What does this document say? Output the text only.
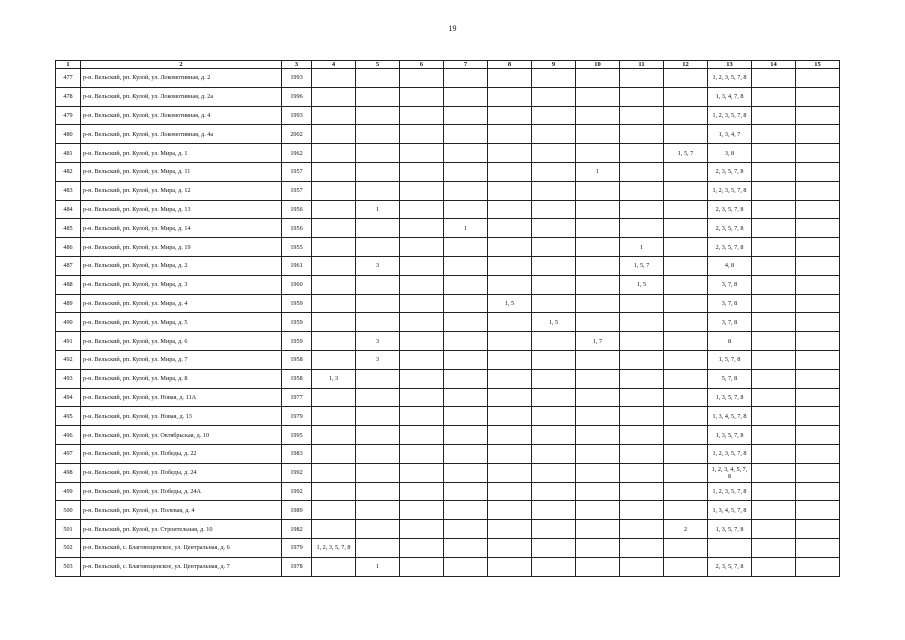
19
1	2	3	4	5	6	7	8	9	10	11	12	13	14	15
477	р-н. Вельский, рп. Кулой, ул. Локомотивная, д. 2	1993										1, 2, 3, 5, 7, 8		
478	р-н. Вельский, рп. Кулой, ул. Локомотивная, д. 2а	1996										1, 3, 4, 7, 8		
479	р-н. Вельский, рп. Кулой, ул. Локомотивная, д. 4	1993										1, 2, 3, 5, 7, 8		
480	р-н. Вельский, рп. Кулой, ул. Локомотивная, д. 4а	2002										1, 3, 4, 7		
481	р-н. Вельский, рп. Кулой, ул. Мира, д. 1	1962									1, 5, 7	3, 8		
482	р-н. Вельский, рп. Кулой, ул. Мира, д. 11	1957							1			2, 3, 5, 7, 8		
483	р-н. Вельский, рп. Кулой, ул. Мира, д. 12	1957										1, 2, 3, 5, 7, 8		
484	р-н. Вельский, рп. Кулой, ул. Мира, д. 13	1956		1								2, 3, 5, 7, 8		
485	р-н. Вельский, рп. Кулой, ул. Мира, д. 14	1956				1						2, 3, 5, 7, 8		
486	р-н. Вельский, рп. Кулой, ул. Мира, д. 19	1955								1		2, 3, 5, 7, 8		
487	р-н. Вельский, рп. Кулой, ул. Мира, д. 2	1961		3						1, 5, 7		4, 8		
488	р-н. Вельский, рп. Кулой, ул. Мира, д. 3	1960								1, 5		3, 7, 8		
489	р-н. Вельский, рп. Кулой, ул. Мира, д. 4	1959					1, 5					3, 7, 8		
490	р-н. Вельский, рп. Кулой, ул. Мира, д. 5	1959						1, 5				3, 7, 8		
491	р-н. Вельский, рп. Кулой, ул. Мира, д. 6	1959		3					1, 7			8		
492	р-н. Вельский, рп. Кулой, ул. Мира, д. 7	1958		3								1, 5, 7, 8		
493	р-н. Вельский, рп. Кулой, ул. Мира, д. 8	1958	1, 3									5, 7, 8		
494	р-н. Вельский, рп. Кулой, ул. Новая, д. 11А	1977										1, 3, 5, 7, 8		
495	р-н. Вельский, рп. Кулой, ул. Новая, д. 13	1979										1, 3, 4, 5, 7, 8		
496	р-н. Вельский, рп. Кулой, ул. Октябрьская, д. 10	1995										1, 3, 5, 7, 8		
497	р-н. Вельский, рп. Кулой, ул. Победы, д. 22	1983										1, 2, 3, 5, 7, 8		
498	р-н. Вельский, рп. Кулой, ул. Победы, д. 24	1992										1, 2, 3, 4, 5, 7, 8		
499	р-н. Вельский, рп. Кулой, ул. Победы, д. 24А	1992										1, 2, 3, 5, 7, 8		
500	р-н. Вельский, рп. Кулой, ул. Полевая, д. 4	1989										1, 3, 4, 5, 7, 8		
501	р-н. Вельский, рп. Кулой, ул. Строительная, д. 10	1982									2	1, 3, 5, 7, 8		
502	р-н. Вельский, с. Благовещенское, ул. Центральная, д. 6	1979	1, 2, 3, 5, 7, 8											
503	р-н. Вельский, с. Благовещенское, ул. Центральная, д. 7	1978		1								2, 3, 5, 7, 8		
